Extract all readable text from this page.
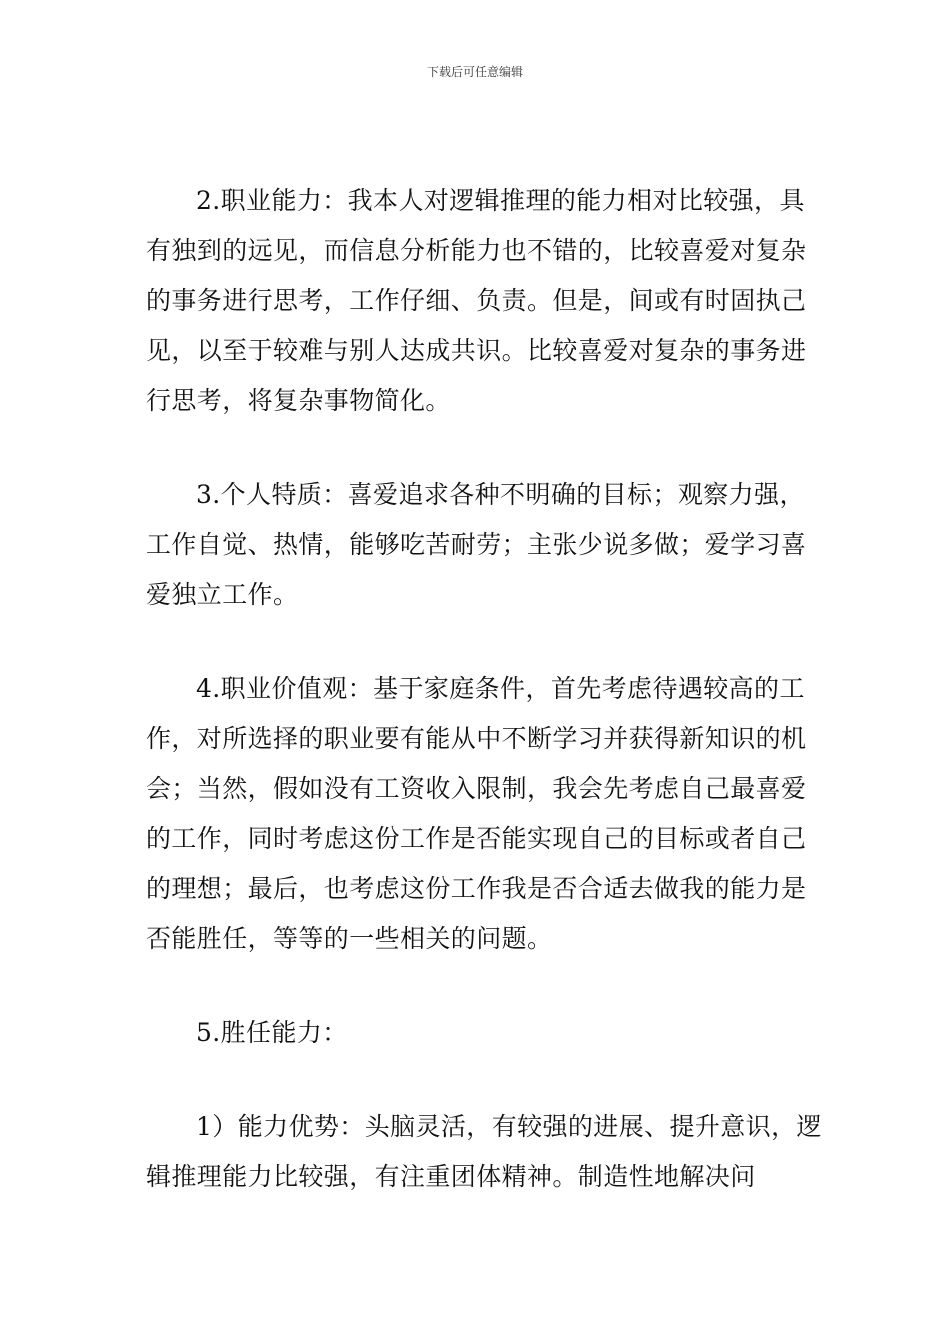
下载后可任意编辑

2.职业能力：我本人对逻辑推理的能力相对比较强，具有独到的远见，而信息分析能力也不错的，比较喜爱对复杂的事务进行思考，工作仔细、负责。但是，间或有时固执己见，以至于较难与别人达成共识。比较喜爱对复杂的事务进行思考，将复杂事物简化。

3.个人特质：喜爱追求各种不明确的目标；观察力强，工作自觉、热情，能够吃苦耐劳；主张少说多做；爱学习喜爱独立工作。

4.职业价值观：基于家庭条件，首先考虑待遇较高的工作，对所选择的职业要有能从中不断学习并获得新知识的机会；当然，假如没有工资收入限制，我会先考虑自己最喜爱的工作，同时考虑这份工作是否能实现自己的目标或者自己的理想；最后，也考虑这份工作我是否合适去做我的能力是否能胜任，等等的一些相关的问题。

5.胜任能力：

1）能力优势：头脑灵活，有较强的进展、提升意识，逻辑推理能力比较强，有注重团体精神。制造性地解决问
